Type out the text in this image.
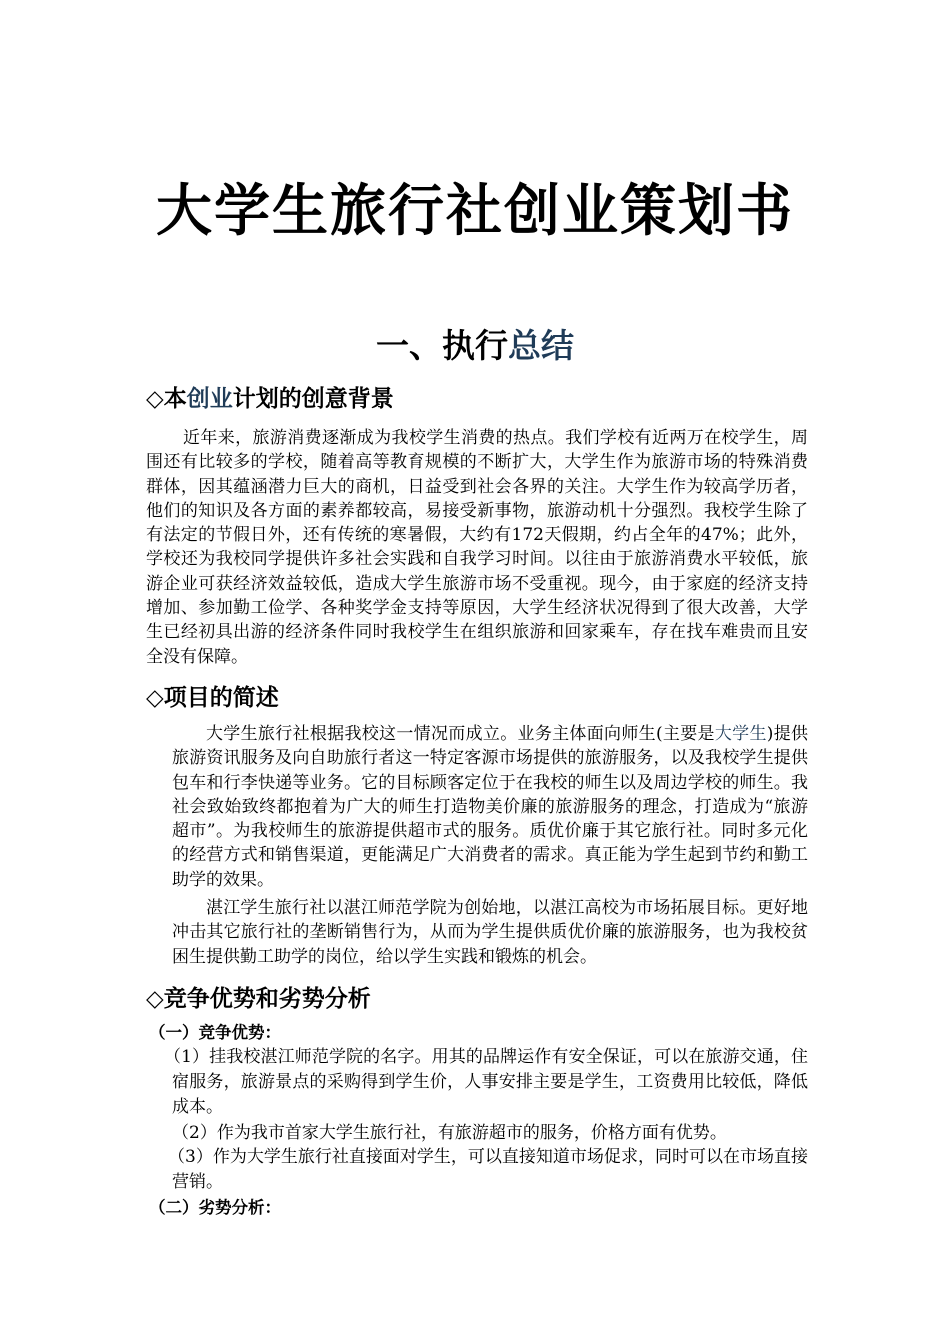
大学生旅行社创业策划书
一、执行总结
◇本创业计划的创意背景

近年来，旅游消费逐渐成为我校学生消费的热点。我们学校有近两万在校学生，周围还有比较多的学校，随着高等教育规模的不断扩大，大学生作为旅游市场的特殊消费群体，因其蕴涵潜力巨大的商机，日益受到社会各界的关注。大学生作为较高学历者，他们的知识及各方面的素养都较高，易接受新事物，旅游动机十分强烈。我校学生除了有法定的节假日外，还有传统的寒暑假，大约有172天假期，约占全年的47%；此外，学校还为我校同学提供许多社会实践和自我学习时间。以往由于旅游消费水平较低，旅游企业可获经济效益较低，造成大学生旅游市场不受重视。现今，由于家庭的经济支持增加、参加勤工俭学、各种奖学金支持等原因，大学生经济状况得到了很大改善，大学生已经初具出游的经济条件同时我校学生在组织旅游和回家乘车，存在找车难贵而且安全没有保障。

◇项目的简述

大学生旅行社根据我校这一情况而成立。业务主体面向师生(主要是大学生)提供旅游资讯服务及向自助旅行者这一特定客源市场提供的旅游服务，以及我校学生提供包车和行李快递等业务。它的目标顾客定位于在我校的师生以及周边学校的师生。我社会致始致终都抱着为广大的师生打造物美价廉的旅游服务的理念，打造成为“旅游超市”。为我校师生的旅游提供超市式的服务。质优价廉于其它旅行社。同时多元化的经营方式和销售渠道，更能满足广大消费者的需求。真正能为学生起到节约和勤工助学的效果。

湛江学生旅行社以湛江师范学院为创始地，以湛江高校为市场拓展目标。更好地冲击其它旅行社的垄断销售行为，从而为学生提供质优价廉的旅游服务，也为我校贫困生提供勤工助学的岗位，给以学生实践和锻炼的机会。

◇竞争优势和劣势分析

（一）竞争优势：

（1）挂我校湛江师范学院的名字。用其的品牌运作有安全保证，可以在旅游交通，住宿服务，旅游景点的采购得到学生价，人事安排主要是学生，工资费用比较低，降低成本。

（2）作为我市首家大学生旅行社，有旅游超市的服务，价格方面有优势。

（3）作为大学生旅行社直接面对学生，可以直接知道市场促求，同时可以在市场直接营销。

（二）劣势分析：
